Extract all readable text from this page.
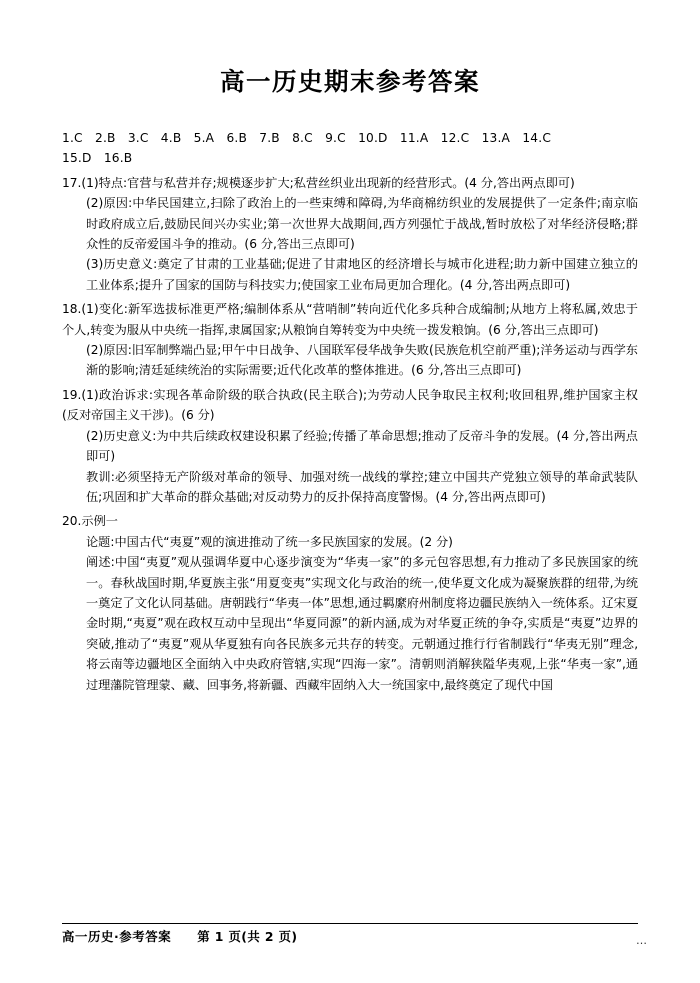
高一历史期末参考答案
1.C 2.B 3.C 4.B 5.A 6.B 7.B 8.C 9.C 10.D 11.A 12.C 13.A 14.C
15.D 16.B
17.(1)特点:官营与私营并存;规模逐步扩大;私营丝织业出现新的经营形式。(4 分,答出两点即可)
(2)原因:中华民国建立,扫除了政治上的一些束缚和障碍,为华商棉纺织业的发展提供了一定条件;南京临时政府成立后,鼓励民间兴办实业;第一次世界大战期间,西方列强忙于战战,暂时放松了对华经济侵略;群众性的反帝爱国斗争的推动。(6 分,答出三点即可)
(3)历史意义:奠定了甘肃的工业基础;促进了甘肃地区的经济增长与城市化进程;助力新中国建立独立的工业体系;提升了国家的国防与科技实力;使国家工业布局更加合理化。(4 分,答出两点即可)
18.(1)变化:新军选拔标准更严格;编制体系从“营哨制”转向近代化多兵种合成编制;从地方上将私属,效忠于个人,转变为服从中央统一指挥,隶属国家;从粮饷自筹转变为中央统一拨发粮饷。(6 分,答出三点即可)
(2)原因:旧军制弊端凸显;甲午中日战争、八国联军侵华战争失败(民族危机空前严重);洋务运动与西学东渐的影响;清廷延续统治的实际需要;近代化改革的整体推进。(6 分,答出三点即可)
19.(1)政治诉求:实现各革命阶级的联合执政(民主联合);为劳动人民争取民主权利;收回租界,维护国家主权(反对帝国主义干涉)。(6 分)
(2)历史意义:为中共后续政权建设积累了经验;传播了革命思想;推动了反帝斗争的发展。(4 分,答出两点即可)
教训:必须坚持无产阶级对革命的领导、加强对统一战线的掌控;建立中国共产党独立领导的革命武装队伍;巩固和扩大革命的群众基础;对反动势力的反扑保持高度警惕。(4 分,答出两点即可)
20.示例一
论题:中国古代“夷夏”观的演进推动了统一多民族国家的发展。(2 分)
阐述:中国“夷夏”观从强调华夏中心逐步演变为“华夷一家”的多元包容思想,有力推动了多民族国家的统一。春秋战国时期,华夏族主张“用夏变夷”实现文化与政治的统一,使华夏文化成为凝聚族群的纽带,为统一奠定了文化认同基础。唐朝践行“华夷一体”思想,通过羁縻府州制度将边疆民族纳入一统体系。辽宋夏金时期,“夷夏”观在政权互动中呈现出“华夏同源”的新内涵,成为对华夏正统的争夺,实质是“夷夏”边界的突破,推动了“夷夏”观从华夏独有向各民族多元共存的转变。元朝通过推行行省制践行“华夷无别”理念,将云南等边疆地区全面纳入中央政府管辖,实现“四海一家”。清朝则消解狭隘华夷观,上张“华夷一家”,通过理藩院管理蒙、藏、回事务,将新疆、西藏牢固纳入大一统国家中,最终奠定了现代中国
高一历史·参考答案 第 1 页(共 2 页)	…
